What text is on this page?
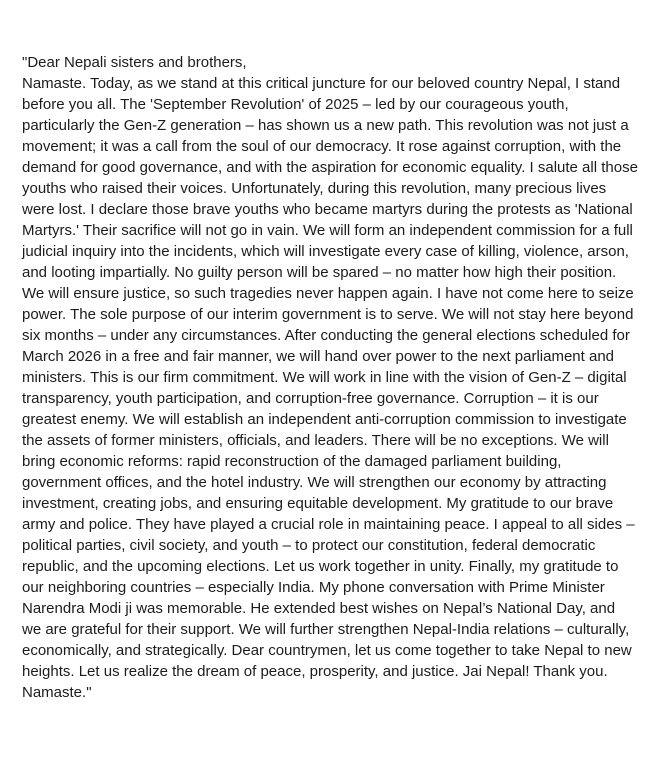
"Dear Nepali sisters and brothers,
Namaste. Today, as we stand at this critical juncture for our beloved country Nepal, I stand before you all. The 'September Revolution' of 2025 – led by our courageous youth, particularly the Gen-Z generation – has shown us a new path. This revolution was not just a movement; it was a call from the soul of our democracy. It rose against corruption, with the demand for good governance, and with the aspiration for economic equality. I salute all those youths who raised their voices. Unfortunately, during this revolution, many precious lives were lost. I declare those brave youths who became martyrs during the protests as 'National Martyrs.' Their sacrifice will not go in vain. We will form an independent commission for a full judicial inquiry into the incidents, which will investigate every case of killing, violence, arson, and looting impartially. No guilty person will be spared – no matter how high their position. We will ensure justice, so such tragedies never happen again. I have not come here to seize power. The sole purpose of our interim government is to serve. We will not stay here beyond six months – under any circumstances. After conducting the general elections scheduled for March 2026 in a free and fair manner, we will hand over power to the next parliament and ministers. This is our firm commitment. We will work in line with the vision of Gen-Z – digital transparency, youth participation, and corruption-free governance. Corruption – it is our greatest enemy. We will establish an independent anti-corruption commission to investigate the assets of former ministers, officials, and leaders. There will be no exceptions. We will bring economic reforms: rapid reconstruction of the damaged parliament building, government offices, and the hotel industry. We will strengthen our economy by attracting investment, creating jobs, and ensuring equitable development. My gratitude to our brave army and police. They have played a crucial role in maintaining peace. I appeal to all sides – political parties, civil society, and youth – to protect our constitution, federal democratic republic, and the upcoming elections. Let us work together in unity. Finally, my gratitude to our neighboring countries – especially India. My phone conversation with Prime Minister Narendra Modi ji was memorable. He extended best wishes on Nepal’s National Day, and we are grateful for their support. We will further strengthen Nepal-India relations – culturally, economically, and strategically. Dear countrymen, let us come together to take Nepal to new heights. Let us realize the dream of peace, prosperity, and justice. Jai Nepal! Thank you. Namaste."
